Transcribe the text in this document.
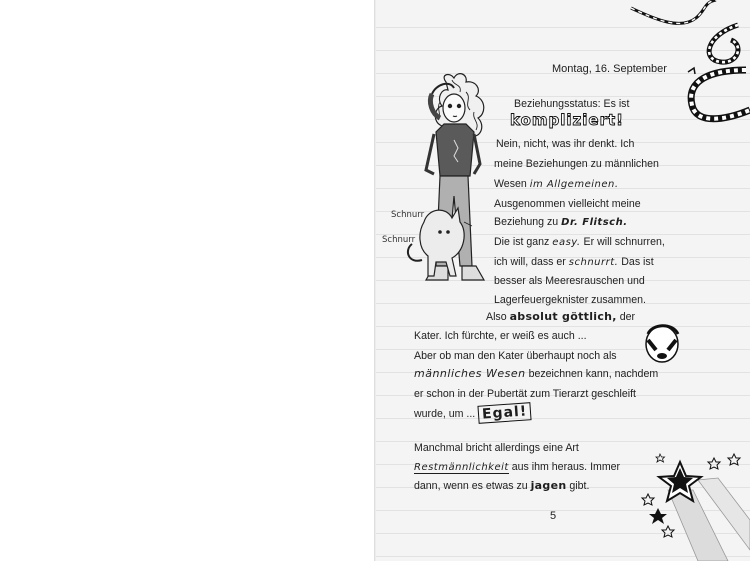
Schnurr
Schnurr

Montag, 16. September

Beziehungsstatus: Es ist

kompliziert!

Nein, nicht, was ihr denkt. Ich

meine Beziehungen zu männlichen

Wesen im Allgemeinen.

Ausgenommen vielleicht meine

Beziehung zu Dr. Flitsch.

Die ist ganz easy. Er will schnurren,

ich will, dass er schnurrt. Das ist

besser als Meeresrauschen und

Lagerfeuergeknister zusammen.

Also absolut göttlich, der

Kater. Ich fürchte, er weiß es auch ...

Aber ob man den Kater überhaupt noch als

männliches Wesen bezeichnen kann, nachdem

er schon in der Pubertät zum Tierarzt geschleift

wurde, um ... Egal!

Manchmal bricht allerdings eine Art

Restmännlichkeit aus ihm heraus. Immer

dann, wenn es etwas zu jagen gibt.

5
